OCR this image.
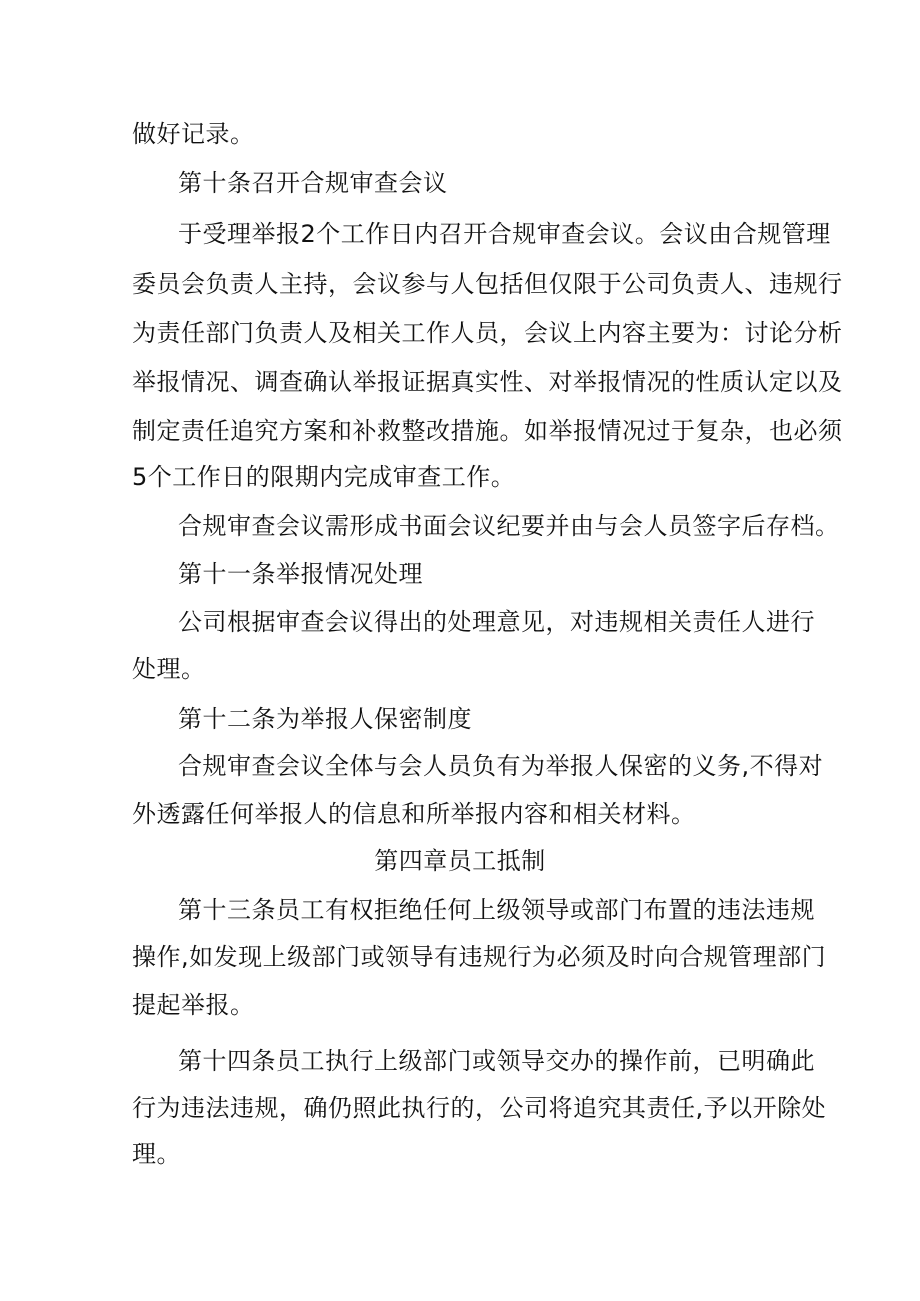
做好记录。
第十条召开合规审查会议
于受理举报2个工作日内召开合规审查会议。会议由合规管理
委员会负责人主持，会议参与人包括但仅限于公司负责人、违规行
为责任部门负责人及相关工作人员，会议上内容主要为：讨论分析
举报情况、调查确认举报证据真实性、对举报情况的性质认定以及
制定责任追究方案和补救整改措施。如举报情况过于复杂，也必须
5个工作日的限期内完成审查工作。
合规审查会议需形成书面会议纪要并由与会人员签字后存档。
第十一条举报情况处理
公司根据审查会议得出的处理意见，对违规相关责任人进行
处理。
第十二条为举报人保密制度
合规审查会议全体与会人员负有为举报人保密的义务,不得对
外透露任何举报人的信息和所举报内容和相关材料。
第四章员工抵制
第十三条员工有权拒绝任何上级领导或部门布置的违法违规
操作,如发现上级部门或领导有违规行为必须及时向合规管理部门
提起举报。
第十四条员工执行上级部门或领导交办的操作前，已明确此
行为违法违规，确仍照此执行的，公司将追究其责任,予以开除处
理。
